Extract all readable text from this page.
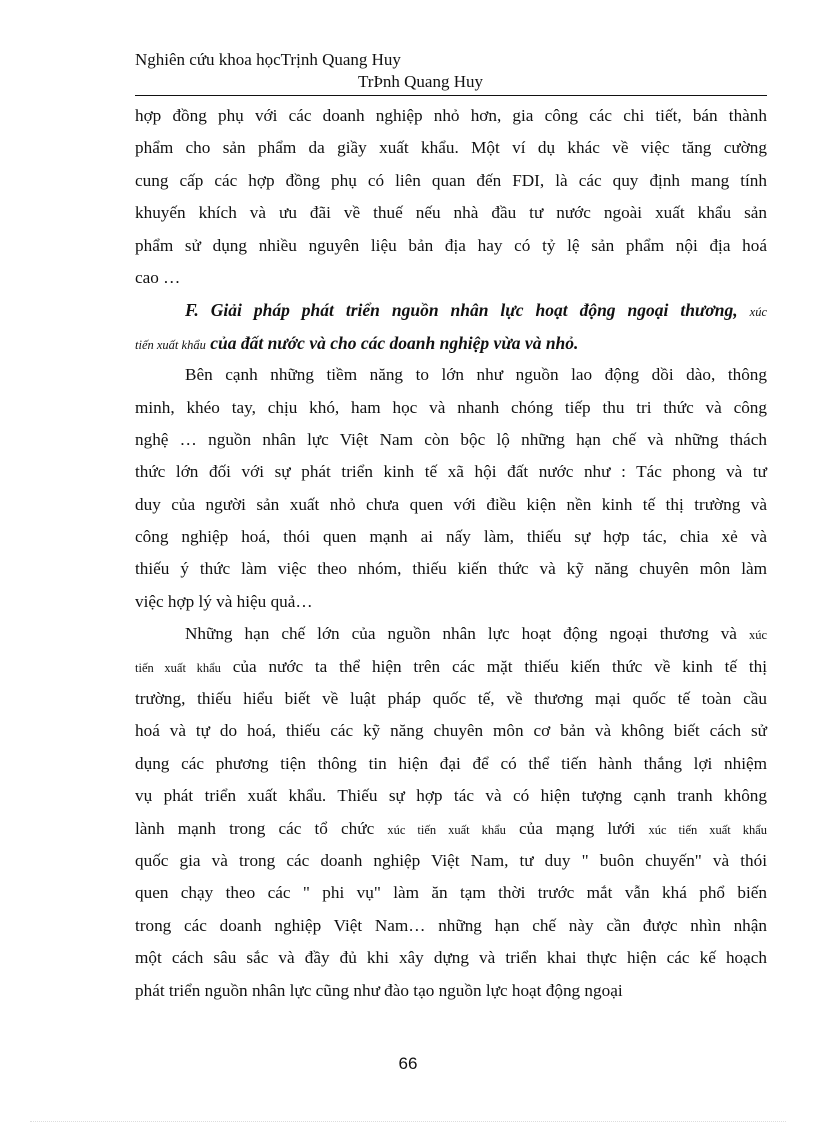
Nghiên cứu khoa họcTrịnh Quang Huy
TrÞnh Quang Huy
hợp đồng phụ với các doanh nghiệp nhỏ hơn, gia công các chi tiết, bán thành
phẩm cho sản phẩm da giầy xuất khẩu. Một ví dụ khác về việc tăng cường
cung cấp các hợp đồng phụ có liên quan đến FDI, là các quy định mang tính
khuyến khích và ưu đãi về thuế nếu nhà đầu tư nước ngoài xuất khẩu sản
phẩm sử dụng nhiều nguyên liệu bản địa hay có tỷ lệ sản phẩm nội địa hoá
cao …
F. Giải pháp phát triển nguồn nhân lực hoạt động ngoại thương, xúc
tiến xuất khẩu của đất nước và cho các doanh nghiệp vừa và nhỏ.
Bên cạnh những tiềm năng to lớn như nguồn lao động dồi dào, thông
minh, khéo tay, chịu khó, ham học và nhanh chóng tiếp thu tri thức và công
nghệ … nguồn nhân lực Việt Nam còn bộc lộ những hạn chế và những thách
thức lớn đối với sự phát triển kinh tế xã hội đất nước như : Tác phong và tư
duy của người sản xuất nhỏ chưa quen với điều kiện nền kinh tế thị trường và
công nghiệp hoá, thói quen mạnh ai nấy làm, thiếu sự hợp tác, chia xẻ và
thiếu ý thức làm việc theo nhóm, thiếu kiến thức và kỹ năng chuyên môn làm
việc hợp lý và hiệu quả…
Những hạn chế lớn của nguồn nhân lực hoạt động ngoại thương và xúc
tiến xuất khẩu của nước ta thể hiện trên các mặt thiếu kiến thức về kinh tế thị
trường, thiếu hiểu biết về luật pháp quốc tế, về thương mại quốc tế toàn cầu
hoá và tự do hoá, thiếu các kỹ năng chuyên môn cơ bản và không biết cách sử
dụng các phương tiện thông tin hiện đại để có thể tiến hành thắng lợi nhiệm
vụ phát triển xuất khẩu. Thiếu sự hợp tác và có hiện tượng cạnh tranh không
lành mạnh trong các tổ chức xúc tiến xuất khẩu của mạng lưới xúc tiến xuất khẩu
quốc gia và trong các doanh nghiệp Việt Nam, tư duy " buôn chuyến" và thói
quen chạy theo các " phi vụ" làm ăn tạm thời trước mắt vẫn khá phổ biến
trong các doanh nghiệp Việt Nam… những hạn chế này cần được nhìn nhận
một cách sâu sắc và đầy đủ khi xây dựng và triển khai thực hiện các kế hoạch
phát triển nguồn nhân lực cũng như đào tạo nguồn lực hoạt động ngoại
66
